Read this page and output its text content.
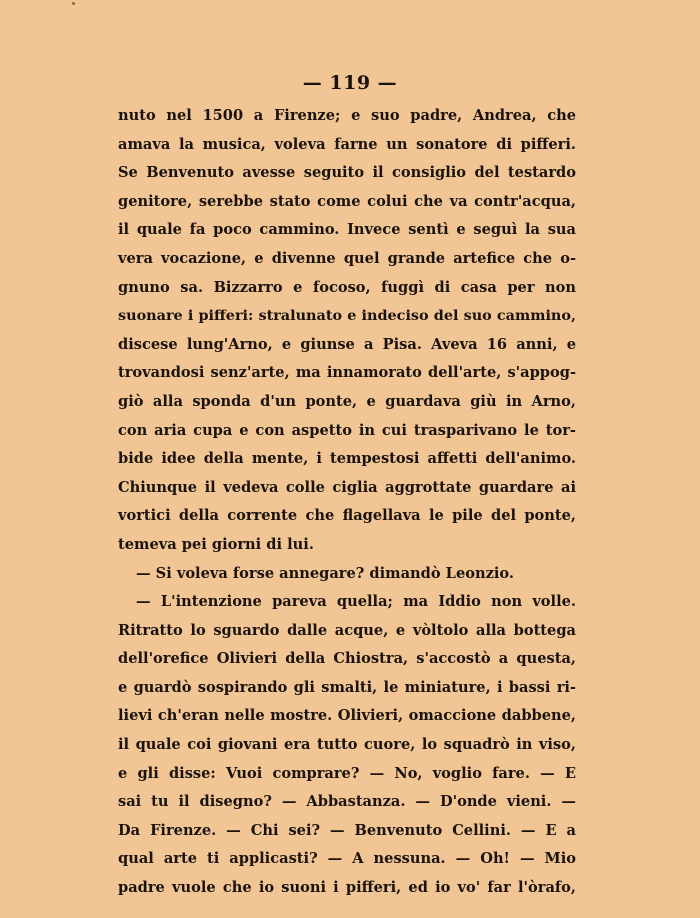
— 119 —
nuto nel 1500 a Firenze; e suo padre, Andrea, che
amava la musica, voleva farne un sonatore di pifferi.
Se Benvenuto avesse seguito il consiglio del testardo
genitore, serebbe stato come colui che va contr'acqua,
il quale fa poco cammino. Invece sentì e seguì la sua
vera vocazione, e divenne quel grande artefice che o-
gnuno sa. Bizzarro e focoso, fuggì di casa per non
suonare i pifferi: stralunato e indeciso del suo cammino,
discese lung'Arno, e giunse a Pisa. Aveva 16 anni, e
trovandosi senz'arte, ma innamorato dell'arte, s'appog-
giò alla sponda d'un ponte, e guardava giù in Arno,
con aria cupa e con aspetto in cui trasparivano le tor-
bide idee della mente, i tempestosi affetti dell'animo.
Chiunque il vedeva colle ciglia aggrottate guardare ai
vortici della corrente che flagellava le pile del ponte,
temeva pei giorni di lui.
— Si voleva forse annegare? dimandò Leonzio.
— L'intenzione pareva quella; ma Iddio non volle.
Ritratto lo sguardo dalle acque, e vòltolo alla bottega
dell'orefice Olivieri della Chiostra, s'accostò a questa,
e guardò sospirando gli smalti, le miniature, i bassi ri-
lievi ch'eran nelle mostre. Olivieri, omaccione dabbene,
il quale coi giovani era tutto cuore, lo squadrò in viso,
e gli disse: Vuoi comprare? — No, voglio fare. — E
sai tu il disegno? — Abbastanza. — D'onde vieni. —
Da Firenze. — Chi sei? — Benvenuto Cellini. — E a
qual arte ti applicasti? — A nessuna. — Oh! — Mio
padre vuole che io suoni i pifferi, ed io vo' far l'òrafo,
